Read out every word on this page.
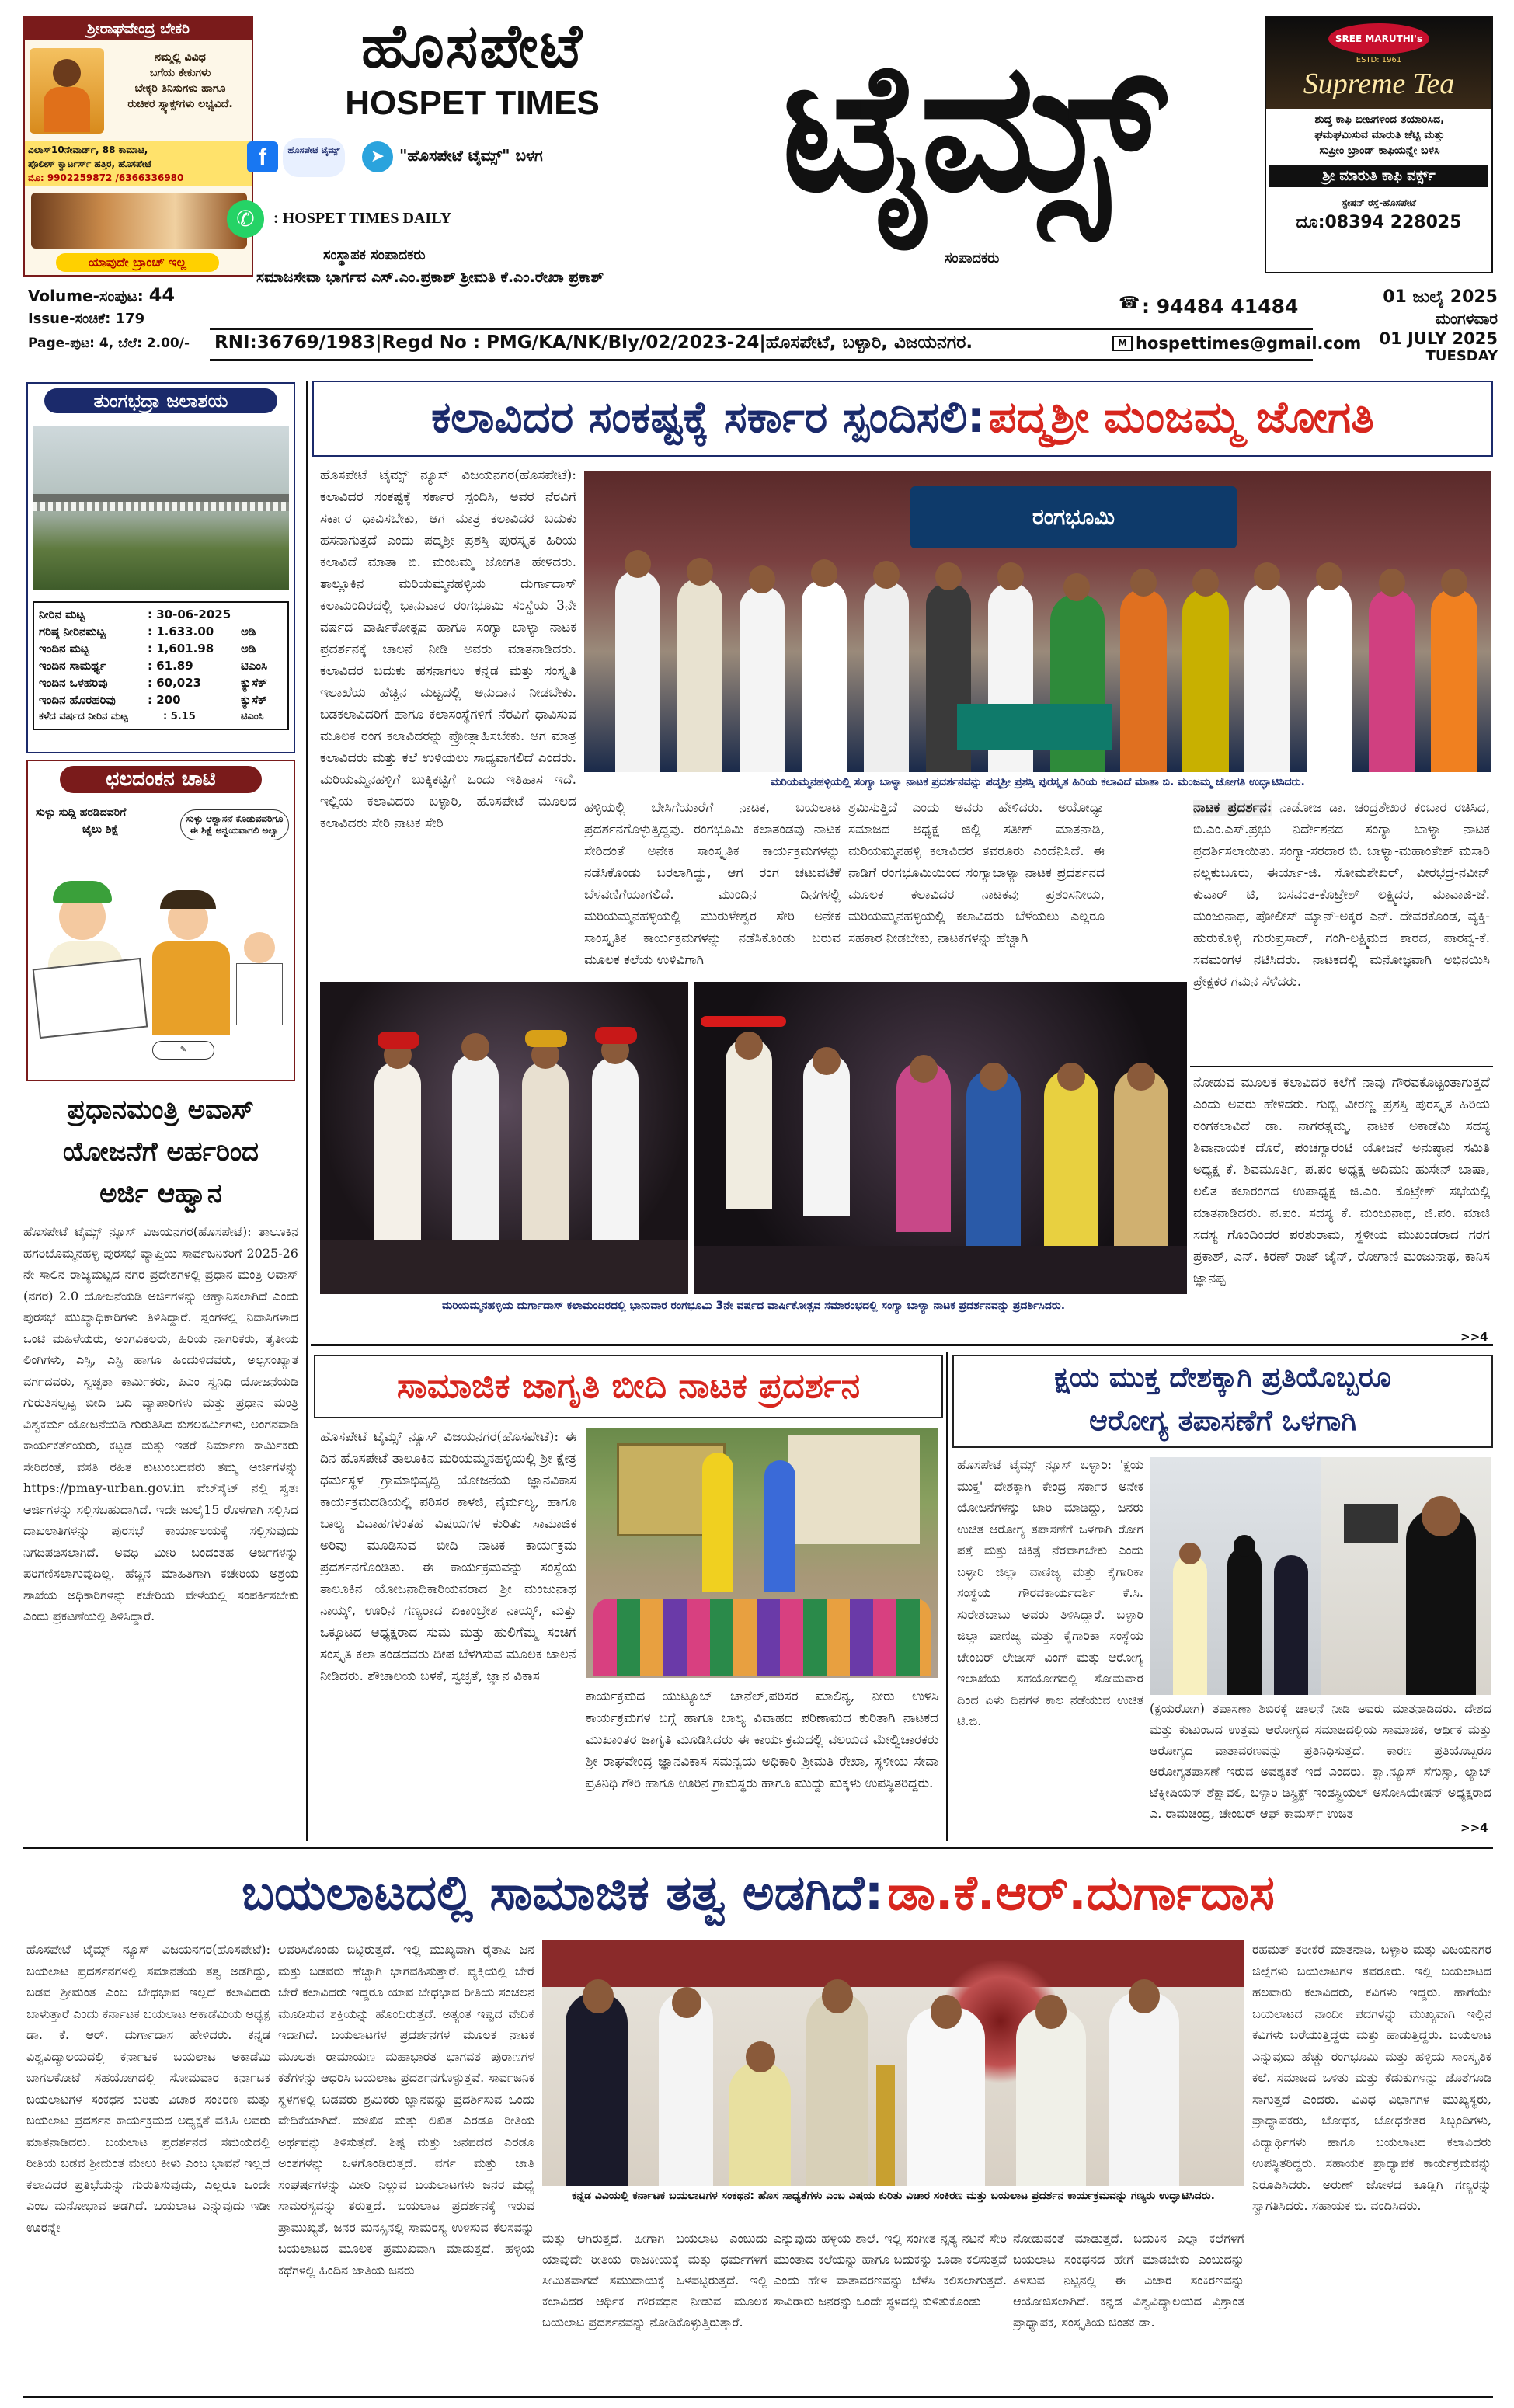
ಶ್ರೀರಾಘವೇಂದ್ರ ಬೇಕರಿ
ನಮ್ಮಲ್ಲಿ ವಿವಿಧ
ಬಗೆಯ ಕೇಕುಗಳು
ಬೇಕ್ಕರಿ ತಿನಿಸುಗಳು ಹಾಗೂ
ರುಚಿಕರ ಸ್ನ್ಯಾಕ್ಸ್‌ಗಳು ಲಭ್ಯವಿದೆ.
ವಿಲಾಸ್10ನೇವಾರ್ಡ್, 88 ಕಾಮಾಟಿ,
ಪೊಲೀಸ್ ಕ್ವಾರ್ಟರ್ಸ್ ಹತ್ತಿರ, ಹೊಸಪೇಟೆ
ಮೊ: 9902259872 /6366336980
ಯಾವುದೇ ಬ್ರಾಂಚ್ ಇಲ್ಲ
ಹೊಸಪೇಟೆ
HOSPET TIMES
f	ಹೊಸಪೇಟೆ ಟೈಮ್ಸ್	➤ "ಹೊಸಪೇಟೆ ಟೈಮ್ಸ್" ಬಳಗ
✆	: HOSPET TIMES DAILY	ಟೈಮ್ಸ್
ಸಂಸ್ಥಾಪಕ ಸಂಪಾದಕರು	ಸಂಪಾದಕರು
ಸಮಾಜಸೇವಾ ಭಾರ್ಗವ ಎಸ್.ಎಂ.ಪ್ರಕಾಶ್ ಶ್ರೀಮತಿ ಕೆ.ಎಂ.ರೇಖಾ ಪ್ರಕಾಶ್
SREE MARUTHI's
ESTD: 1961
Supreme Tea
ಶುದ್ಧ ಕಾಫಿ ಬೀಜಗಳಿಂದ ತಯಾರಿಸಿದ,
ಘಮಘಮಿಸುವ ಮಾರುತಿ ಚೆಟ್ಟಿ ಮತ್ತು
ಸುಪ್ರೀಂ ಬ್ರಾಂಡ್ ಕಾಫಿಯನ್ನೇ ಬಳಸಿ
ಶ್ರೀ ಮಾರುತಿ ಕಾಫಿ ವರ್ಕ್ಸ್
ಸ್ಟೇಷನ್ ರಸ್ತೆ-ಹೊಸಪೇಟೆ
ದೂ:08394 228025
Volume-ಸಂಪುಟ: 44
Issue-ಸಂಚಿಕೆ: 179
Page-ಪುಟ: 4, ಬೆಲೆ: 2.00/-
☎ : 94484 41484
RNI:36769/1983|Regd No : PMG/KA/NK/Bly/02/2023-24|ಹೊಸಪೇಟೆ, ಬಳ್ಳಾರಿ, ವಿಜಯನಗರ.	M hospettimes@gmail.com
01 ಜುಲೈ 2025
ಮಂಗಳವಾರ
01 JULY 2025
TUESDAY
ತುಂಗಭದ್ರಾ ಜಲಾಶಯ
ನೀರಿನ ಮಟ್ಟ	: 30-06-2025
ಗರಿಷ್ಠ ನೀರಿನಮಟ್ಟ	: 1.633.00	ಅಡಿ
ಇಂದಿನ ಮಟ್ಟ	: 1,601.98	ಅಡಿ
ಇಂದಿನ ಸಾಮರ್ಥ್ಯ	: 61.89	ಟಿಎಂಸಿ
ಇಂದಿನ ಒಳಹರಿವು	: 60,023	ಕ್ಯುಸೆಕ್
ಇಂದಿನ ಹೊರಹರಿವು	: 200	ಕ್ಯುಸೆಕ್
ಕಳೆದ ವರ್ಷದ ನೀರಿನ ಮಟ್ಟ	: 5.15	ಟಿಎಂಸಿ
ಛಲದಂಕನ ಚಾಟಿ
ಸುಳ್ಳು ಸುದ್ದಿ ಹರಡಿದವರಿಗೆ
ಜೈಲು ಶಿಕ್ಷೆ
ಸುಳ್ಳು ಆಶ್ವಾಸನೆ ಕೊಡುವವರಿಗೂ ಈ ಶಿಕ್ಷೆ ಅನ್ವಯವಾಗಲಿ ಅಲ್ವಾ
✎
ಪ್ರಧಾನಮಂತ್ರಿ ಅವಾಸ್
ಯೋಜನೆಗೆ ಅರ್ಹರಿಂದ
ಅರ್ಜಿ ಆಹ್ವಾನ
ಹೊಸಪೇಟೆ ಟೈಮ್ಸ್ ನ್ಯೂಸ್ ವಿಜಯನಗರ(ಹೊಸಪೇಟೆ): ತಾಲೂಕಿನ ಹಗರಿಬೊಮ್ಮನಹಳ್ಳಿ ಪುರಸಭೆ ವ್ಯಾಪ್ತಿಯ ಸಾರ್ವಜನಿಕರಿಗೆ 2025-26 ನೇ ಸಾಲಿನ ರಾಜ್ಯಮಟ್ಟದ ನಗರ ಪ್ರದೇಶಗಳಲ್ಲಿ ಪ್ರಧಾನ ಮಂತ್ರಿ ಅವಾಸ್ (ನಗರ) 2.0 ಯೋಜನೆಯಡಿ ಅರ್ಜಿಗಳನ್ನು ಆಹ್ವಾನಿಸಲಾಗಿದೆ ಎಂದು ಪುರಸಭೆ ಮುಖ್ಯಾಧಿಕಾರಿಗಳು ತಿಳಿಸಿದ್ದಾರೆ. ಸ್ಲಂಗಳಲ್ಲಿ ನಿವಾಸಿಗಳಾದ ಒಂಟಿ ಮಹಿಳೆಯರು, ಅಂಗವಿಕಲರು, ಹಿರಿಯ ನಾಗರಿಕರು, ತೃತೀಯ ಲಿಂಗಿಗಳು, ಎಸ್ಸಿ, ಎಸ್ಟಿ ಹಾಗೂ ಹಿಂದುಳಿದವರು, ಅಲ್ಪಸಂಖ್ಯಾತ ವರ್ಗದವರು, ಸ್ವಚ್ಛತಾ ಕಾರ್ಮಿಕರು, ಪಿಎಂ ಸ್ವನಿಧಿ ಯೋಜನೆಯಡಿ ಗುರುತಿಸಲ್ಪಟ್ಟ ಬೀದಿ ಬದಿ ವ್ಯಾಪಾರಿಗಳು ಮತ್ತು ಪ್ರಧಾನ ಮಂತ್ರಿ ವಿಶ್ವಕರ್ಮ ಯೋಜನೆಯಡಿ ಗುರುತಿಸಿದ ಕುಶಲಕರ್ಮಿಗಳು, ಅಂಗನವಾಡಿ ಕಾರ್ಯಕರ್ತೆಯರು, ಕಟ್ಟಡ ಮತ್ತು ಇತರೆ ನಿರ್ಮಾಣ ಕಾರ್ಮಿಕರು ಸೇರಿದಂತೆ, ವಸತಿ ರಹಿತ ಕುಟುಂಬದವರು ತಮ್ಮ ಅರ್ಜಿಗಳನ್ನು https://pmay-urban.gov.in ವೆಬ್‌ಸೈಟ್ ನಲ್ಲಿ ಸ್ವತಃ ಅರ್ಜಿಗಳನ್ನು ಸಲ್ಲಿಸಬಹುದಾಗಿದೆ. ಇದೇ ಜುಲೈ15 ರೊಳಗಾಗಿ ಸಲ್ಲಿಸಿದ ದಾಖಲಾತಿಗಳನ್ನು ಪುರಸಭೆ ಕಾರ್ಯಾಲಯಕ್ಕೆ ಸಲ್ಲಿಸುವುದು ನಿಗದಿಪಡಿಸಲಾಗಿದೆ. ಅವಧಿ ಮೀರಿ ಬಂದಂತಹ ಅರ್ಜಿಗಳನ್ನು ಪರಿಗಣಿಸಲಾಗುವುದಿಲ್ಲ. ಹೆಚ್ಚಿನ ಮಾಹಿತಿಗಾಗಿ ಕಚೇರಿಯ ಅಶ್ರಯ ಶಾಖೆಯ ಅಧಿಕಾರಿಗಳನ್ನು ಕಚೇರಿಯ ವೇಳೆಯಲ್ಲಿ ಸಂಪರ್ಕಿಸಬೇಕು ಎಂದು ಪ್ರಕಟಣೆಯಲ್ಲಿ ತಿಳಿಸಿದ್ದಾರೆ.
ಕಲಾವಿದರ ಸಂಕಷ್ಟಕ್ಕೆ ಸರ್ಕಾರ ಸ್ಪಂದಿಸಲಿ: ಪದ್ಮಶ್ರೀ ಮಂಜಮ್ಮ ಜೋಗತಿ
ಹೊಸಪೇಟೆ ಟೈಮ್ಸ್ ನ್ಯೂಸ್ ವಿಜಯನಗರ(ಹೊಸಪೇಟೆ): ಕಲಾವಿದರ ಸಂಕಷ್ಟಕ್ಕೆ ಸರ್ಕಾರ ಸ್ಪಂದಿಸಿ, ಅವರ ನೆರವಿಗೆ ಸರ್ಕಾರ ಧಾವಿಸಬೇಕು, ಆಗ ಮಾತ್ರ ಕಲಾವಿದರ ಬದುಕು ಹಸನಾಗುತ್ತದೆ ಎಂದು ಪದ್ಮಶ್ರೀ ಪ್ರಶಸ್ತಿ ಪುರಸ್ಕೃತ ಹಿರಿಯ ಕಲಾವಿದೆ ಮಾತಾ ಬಿ. ಮಂಜಮ್ಮ ಜೋಗತಿ ಹೇಳಿದರು. ತಾಲ್ಲೂಕಿನ ಮರಿಯಮ್ಮನಹಳ್ಳಿಯ ದುರ್ಗಾದಾಸ್ ಕಲಾಮಂದಿರದಲ್ಲಿ ಭಾನುವಾರ ರಂಗಭೂಮಿ ಸಂಸ್ಥೆಯ 3ನೇ ವರ್ಷದ ವಾರ್ಷಿಕೋತ್ಸವ ಹಾಗೂ ಸಂಗ್ಯಾ ಬಾಳ್ಯಾ ನಾಟಕ ಪ್ರದರ್ಶನಕ್ಕೆ ಚಾಲನೆ ನೀಡಿ ಅವರು ಮಾತನಾಡಿದರು. ಕಲಾವಿದರ ಬದುಕು ಹಸನಾಗಲು ಕನ್ನಡ ಮತ್ತು ಸಂಸ್ಕೃತಿ ಇಲಾಖೆಯ ಹೆಚ್ಚಿನ ಮಟ್ಟದಲ್ಲಿ ಅನುದಾನ ನೀಡಬೇಕು. ಬಡಕಲಾವಿದರಿಗೆ ಹಾಗೂ ಕಲಾಸಂಸ್ಥೆಗಳಿಗೆ ನೆರವಿಗೆ ಧಾವಿಸುವ ಮೂಲಕ ರಂಗ ಕಲಾವಿದರನ್ನು ಪ್ರೋತ್ಸಾಹಿಸಬೇಕು. ಆಗ ಮಾತ್ರ ಕಲಾವಿದರು ಮತ್ತು ಕಲೆ ಉಳಿಯಲು ಸಾಧ್ಯವಾಗಲಿದೆ ಎಂದರು. ಮರಿಯಮ್ಮನಹಳ್ಳಿಗೆ ಬುಕ್ಕಿಕಟ್ಟಿಗೆ ಒಂದು ಇತಿಹಾಸ ಇದೆ. ಇಲ್ಲಿಯ ಕಲಾವಿದರು ಬಳ್ಳಾರಿ, ಹೊಸಪೇಟೆ ಮೂಲದ ಕಲಾವಿದರು ಸೇರಿ ನಾಟಕ ಸೇರಿ
ರಂಗಭೂಮಿ
ಮರಿಯಮ್ಮನಹಳ್ಳಿಯಲ್ಲಿ ಸಂಗ್ಯಾ ಬಾಳ್ಯಾ ನಾಟಕ ಪ್ರದರ್ಶನವನ್ನು ಪದ್ಮಶ್ರೀ ಪ್ರಶಸ್ತಿ ಪುರಸ್ಕೃತ ಹಿರಿಯ ಕಲಾವಿದೆ ಮಾತಾ ಬಿ. ಮಂಜಮ್ಮ ಜೋಗತಿ ಉದ್ಘಾಟಿಸಿದರು.
ಹಳ್ಳಿಯಲ್ಲಿ ಬೇಸಿಗೆಯಾರೆಗೆ ನಾಟಕ, ಬಯಲಾಟ ಪ್ರದರ್ಶನಗೊಳ್ಳುತ್ತಿದ್ದವು. ರಂಗಭೂಮಿ ಕಲಾತಂಡವು ನಾಟಕ ಸೇರಿದಂತೆ ಅನೇಕ ಸಾಂಸ್ಕೃತಿಕ ಕಾರ್ಯಕ್ರಮಗಳನ್ನು ನಡೆಸಿಕೊಂಡು ಬರಲಾಗಿದ್ದು, ಆಗ ರಂಗ ಚಟುವಟಿಕೆ ಬೆಳವಣಿಗೆಯಾಗಲಿದೆ. ಮುಂದಿನ ದಿನಗಳಲ್ಲಿ ಮರಿಯಮ್ಮನಹಳ್ಳಿಯಲ್ಲಿ ಮುರುಳೇಶ್ವರ ಸೇರಿ ಅನೇಕ ಸಾಂಸ್ಕೃತಿಕ ಕಾರ್ಯಕ್ರಮಗಳನ್ನು ನಡೆಸಿಕೊಂಡು ಬರುವ ಮೂಲಕ ಕಲೆಯ ಉಳಿವಿಗಾಗಿ
ಶ್ರಮಿಸುತ್ತಿದೆ ಎಂದು ಅವರು ಹೇಳಿದರು. ಅಯೋಧ್ಯಾ ಸಮಾಜದ ಅಧ್ಯಕ್ಷ ಜಿಲ್ಲಿ ಸತೀಶ್ ಮಾತನಾಡಿ, ಮರಿಯಮ್ಮನಹಳ್ಳಿ ಕಲಾವಿದರ ತವರೂರು ಎಂದೆನಿಸಿದೆ. ಈ ನಾಡಿಗೆ ರಂಗಭೂಮಿಯಿಂದ ಸಂಗ್ಯಾಬಾಳ್ಯಾ ನಾಟಕ ಪ್ರದರ್ಶನದ ಮೂಲಕ ಕಲಾವಿದರ ನಾಟಕವು ಪ್ರಶಂಸನೀಯ, ಮರಿಯಮ್ಮನಹಳ್ಳಿಯಲ್ಲಿ ಕಲಾವಿದರು ಬೆಳೆಯಲು ಎಲ್ಲರೂ ಸಹಕಾರ ನೀಡಬೇಕು, ನಾಟಕಗಳನ್ನು ಹೆಚ್ಚಾಗಿ
ನಾಟಕ ಪ್ರದರ್ಶನ: ನಾಡೋಜ ಡಾ. ಚಂದ್ರಶೇಖರ ಕಂಬಾರ ರಚಿಸಿದ, ಬಿ.ಎಂ.ಎಸ್.ಪ್ರಭು ನಿರ್ದೇಶನದ ಸಂಗ್ಯಾ ಬಾಳ್ಯಾ ನಾಟಕ ಪ್ರದರ್ಶಿಸಲಾಯಿತು. ಸಂಗ್ಯಾ-ಸರದಾರ ಬಿ. ಬಾಳ್ಯಾ-ಮಹಾಂತೇಶ್ ಮಸಾರಿ ನಲ್ಲಕುಬೂರು, ಈರ್ಯಾ-ಜಿ. ಸೋಮಶೇಖರ್, ವೀರಭದ್ರ-ನವೀನ್ ಕುವಾರ್ ಟಿ, ಬಸವಂತ-ಕೊಟ್ರೇಶ್ ಲಕ್ಷ್ಮಿದರ, ಮಾವಾಜಿ-ಜೆ. ಮಂಜುನಾಥ, ಪೋಲೀಸ್ ಮ್ಯಾನ್-ಅಕ್ಕರ ಎನ್. ದೇವರಕೊಂಡ, ವ್ಯಕ್ತಿ-ಹುರುಕೊಳ್ಳಿ ಗುರುಪ್ರಸಾದ್, ಗಂಗಿ-ಲಕ್ಷ್ಮಿಮದ ಶಾರದ, ಪಾರವ್ವ-ಕೆ. ಸವಮಂಗಳ ನಟಿಸಿದರು. ನಾಟಕದಲ್ಲಿ ಮನೋಜ್ಞವಾಗಿ ಅಭಿನಯಿಸಿ ಪ್ರೇಕ್ಷಕರ ಗಮನ ಸೆಳೆದರು.
ನೋಡುವ ಮೂಲಕ ಕಲಾವಿದರ ಕಲೆಗೆ ನಾವು ಗೌರವಕೊಟ್ಟಂತಾಗುತ್ತದೆ ಎಂದು ಅವರು ಹೇಳಿದರು. ಗುಬ್ಬಿ ವೀರಣ್ಣ ಪ್ರಶಸ್ತಿ ಪುರಸ್ಕೃತ ಹಿರಿಯ ರಂಗಕಲಾವಿದೆ ಡಾ. ನಾಗರತ್ನಮ್ಮ, ನಾಟಕ ಅಕಾಡೆಮಿ ಸದಸ್ಯ ಶಿವಾನಾಯಕ ದೊರೆ, ಪಂಚಗ್ಯಾರಂಟಿ ಯೋಜನೆ ಅನುಷ್ಠಾನ ಸಮಿತಿ ಅಧ್ಯಕ್ಷ ಕೆ. ಶಿವಮೂರ್ತಿ, ಪ.ಪಂ ಅಧ್ಯಕ್ಷ ಅದಿಮನಿ ಹುಸೇನ್ ಬಾಷಾ, ಲಲಿತ ಕಲಾರಂಗದ ಉಪಾಧ್ಯಕ್ಷ ಜಿ.ಎಂ. ಕೊಟ್ರೇಶ್ ಸಭೆಯಲ್ಲಿ ಮಾತನಾಡಿದರು. ಪ.ಪಂ. ಸದಸ್ಯ ಕೆ. ಮಂಜುನಾಥ, ಜಿ.ಪಂ. ಮಾಜಿ ಸದಸ್ಯ ಗೊಂದಿಂದರ ಪರಶುರಾಮ, ಸ್ಥಳೀಯ ಮುಖಂಡರಾದ ಗರಗ ಪ್ರಕಾಶ್, ಎನ್. ಕಿರಣ್ ರಾಜ್ ಜೈನ್, ರೋಗಾಣಿ ಮಂಜುನಾಥ, ಕಾನಿಸ ಜ್ಞಾನಪ್ಪ
>>4
ಮರಿಯಮ್ಮನಹಳ್ಳಿಯ ದುರ್ಗಾದಾಸ್ ಕಲಾಮಂದಿರದಲ್ಲಿ ಭಾನುವಾರ ರಂಗಭೂಮಿ 3ನೇ ವರ್ಷದ ವಾರ್ಷಿಕೋತ್ಸವ ಸಮಾರಂಭದಲ್ಲಿ ಸಂಗ್ಯಾ ಬಾಳ್ಯಾ ನಾಟಕ ಪ್ರದರ್ಶನವನ್ನು ಪ್ರದರ್ಶಿಸಿದರು.
ಸಾಮಾಜಿಕ ಜಾಗೃತಿ ಬೀದಿ ನಾಟಕ ಪ್ರದರ್ಶನ
ಹೊಸಪೇಟೆ ಟೈಮ್ಸ್ ನ್ಯೂಸ್ ವಿಜಯನಗರ(ಹೊಸಪೇಟೆ): ಈ ದಿನ ಹೊಸಪೇಟೆ ತಾಲೂಕಿನ ಮರಿಯಮ್ಮನಹಳ್ಳಿಯಲ್ಲಿ ಶ್ರೀ ಕ್ಷೇತ್ರ ಧರ್ಮಸ್ಥಳ ಗ್ರಾಮಾಭಿವೃದ್ಧಿ ಯೋಜನೆಯ ಜ್ಞಾನವಿಕಾಸ ಕಾರ್ಯಕ್ರಮದಡಿಯಲ್ಲಿ ಪರಿಸರ ಕಾಳಜಿ, ನೈರ್ಮಲ್ಯ, ಹಾಗೂ ಬಾಲ್ಯ ವಿವಾಹಗಳಂತಹ ವಿಷಯಗಳ ಕುರಿತು ಸಾಮಾಜಿಕ ಅರಿವು ಮೂಡಿಸುವ ಬೀದಿ ನಾಟಕ ಕಾರ್ಯಕ್ರಮ ಪ್ರದರ್ಶನಗೊಂಡಿತು. ಈ ಕಾರ್ಯಕ್ರಮವನ್ನು ಸಂಸ್ಥೆಯ ತಾಲೂಕಿನ ಯೋಜನಾಧಿಕಾರಿಯವರಾದ ಶ್ರೀ ಮಂಜುನಾಥ ನಾಯ್ಕ್, ಊರಿನ ಗಣ್ಯರಾದ ಏಕಾಂಬ್ರೇಶ ನಾಯ್ಕ್, ಮತ್ತು ಒಕ್ಕೂಟದ ಅಧ್ಯಕ್ಷರಾದ ಸುಮ ಮತ್ತು ಹುಲಿಗೆಮ್ಮ ಸಂಚಿಗೆ ಸಂಸ್ಕೃತಿ ಕಲಾ ತಂಡದವರು ದೀಪ ಬೆಳಗಿಸುವ ಮೂಲಕ ಚಾಲನೆ ನೀಡಿದರು. ಶೌಚಾಲಯ ಬಳಕೆ, ಸ್ವಚ್ಛತೆ, ಜ್ಞಾನ ವಿಕಾಸ
ಕಾರ್ಯಕ್ರಮದ ಯುಟ್ಯೂಬ್ ಚಾನೆಲ್,ಪರಿಸರ ಮಾಲಿನ್ಯ, ನೀರು ಉಳಿಸಿ ಕಾರ್ಯಕ್ರಮಗಳ ಬಗ್ಗೆ ಹಾಗೂ ಬಾಲ್ಯ ವಿವಾಹದ ಪರಿಣಾಮದ ಕುರಿತಾಗಿ ನಾಟಕದ ಮುಖಾಂತರ ಜಾಗೃತಿ ಮೂಡಿಸಿದರು ಈ ಕಾರ್ಯಕ್ರಮದಲ್ಲಿ ವಲಯದ ಮೇಲ್ವಿಚಾರಕರು ಶ್ರೀ ರಾಘವೇಂದ್ರ ಜ್ಞಾನವಿಕಾಸ ಸಮನ್ವಯ ಅಧಿಕಾರಿ ಶ್ರೀಮತಿ ರೇಖಾ, ಸ್ಥಳೀಯ ಸೇವಾ ಪ್ರತಿನಿಧಿ ಗೌರಿ ಹಾಗೂ ಊರಿನ ಗ್ರಾಮಸ್ಥರು ಹಾಗೂ ಮುದ್ದು ಮಕ್ಕಳು ಉಪಸ್ಥಿತರಿದ್ದರು.
ಕ್ಷಯ ಮುಕ್ತ ದೇಶಕ್ಕಾಗಿ ಪ್ರತಿಯೊಬ್ಬರೂ
ಆರೋಗ್ಯ ತಪಾಸಣೆಗೆ ಒಳಗಾಗಿ
ಹೊಸಪೇಟೆ ಟೈಮ್ಸ್ ನ್ಯೂಸ್ ಬಳ್ಳಾರಿ: 'ಕ್ಷಯ ಮುಕ್ತ' ದೇಶಕ್ಕಾಗಿ ಕೇಂದ್ರ ಸರ್ಕಾರ ಅನೇಕ ಯೋಜನೆಗಳನ್ನು ಜಾರಿ ಮಾಡಿದ್ದು, ಜನರು ಉಚಿತ ಆರೋಗ್ಯ ತಪಾಸಣೆಗೆ ಒಳಗಾಗಿ ರೋಗ ಪತ್ತೆ ಮತ್ತು ಚಿಕಿತ್ಸೆ ನೆರವಾಗಬೇಕು ಎಂದು ಬಳ್ಳಾರಿ ಜಿಲ್ಲಾ ವಾಣಿಜ್ಯ ಮತ್ತು ಕೈಗಾರಿಕಾ ಸಂಸ್ಥೆಯ ಗೌರವಕಾರ್ಯದರ್ಶಿ ಕೆ.ಸಿ. ಸುರೇಶಬಾಬು ಅವರು ತಿಳಿಸಿದ್ದಾರೆ. ಬಳ್ಳಾರಿ ಜಿಲ್ಲಾ ವಾಣಿಜ್ಯ ಮತ್ತು ಕೈಗಾರಿಕಾ ಸಂಸ್ಥೆಯ ಚೇಂಬರ್ ಲೇಡೀಸ್ ವಿಂಗ್ ಮತ್ತು ಆರೋಗ್ಯ ಇಲಾಖೆಯ ಸಹಯೋಗದಲ್ಲಿ ಸೋಮವಾರ ದಿಂದ ಏಳು ದಿನಗಳ ಕಾಲ ನಡೆಯುವ ಉಚಿತ ಟಿ.ಬಿ.
(ಕ್ಷಯರೋಗ) ತಪಾಸಣಾ ಶಿಬಿರಕ್ಕೆ ಚಾಲನೆ ನೀಡಿ ಅವರು ಮಾತನಾಡಿದರು. ದೇಶದ ಮತ್ತು ಕುಟುಂಬದ ಉತ್ತಮ ಆರೋಗ್ಯದ ಸಮಾಜದಲ್ಲಿಯ ಸಾಮಾಜಿಕ, ಆರ್ಥಿಕ ಮತ್ತು ಆರೋಗ್ಯದ ವಾತಾವರಣವನ್ನು ಪ್ರತಿನಿಧಿಸುತ್ತದೆ. ಕಾರಣ ಪ್ರತಿಯೊಬ್ಬರೂ ಆರೋಗ್ಯತಪಾಸಣೆ ಇರುವ ಅವಶ್ಯಕತೆ ಇದೆ ಎಂದರು. ತ್ವಾ.ನ್ಯೂಸ್ ಸೆಗುಸ್ಸಾ, ಲ್ಯಾಬ್ ಟೆಕ್ನೀಷಿಯನ್ ಶೆಕ್ಷಾವಲಿ, ಬಳ್ಳಾರಿ ಡಿಸ್ಟ್ರಿಕ್ಟ್ ಇಂಡಸ್ಟ್ರಿಯಲ್ ಅಸೋಸಿಯೇಷನ್ ಅಧ್ಯಕ್ಷರಾದ ಎ. ರಾಮಚಂದ್ರ, ಚೇಂಬರ್ ಆಫ್ ಕಾಮರ್ಸ್ ಉಚಿತ
>>4
ಬಯಲಾಟದಲ್ಲಿ ಸಾಮಾಜಿಕ ತತ್ವ ಅಡಗಿದೆ: ಡಾ.ಕೆ.ಆರ್.ದುರ್ಗಾದಾಸ
ಹೊಸಪೇಟೆ ಟೈಮ್ಸ್ ನ್ಯೂಸ್ ವಿಜಯನಗರ(ಹೊಸಪೇಟೆ): ಬಯಲಾಟ ಪ್ರದರ್ಶನಗಳಲ್ಲಿ ಸಮಾನತೆಯ ತತ್ವ ಅಡಗಿದ್ದು, ಬಡವ ಶ್ರೀಮಂತ ಎಂಬ ಬೇಧಭಾವ ಇಲ್ಲದೆ ಕಲಾವಿದರು ಬಾಳುತ್ತಾರೆ ಎಂದು ಕರ್ನಾಟಕ ಬಯಲಾಟ ಅಕಾಡೆಮಿಯ ಅಧ್ಯಕ್ಷ ಡಾ. ಕೆ. ಆರ್. ದುರ್ಗಾದಾಸ ಹೇಳಿದರು. ಕನ್ನಡ ವಿಶ್ವವಿದ್ಯಾಲಯದಲ್ಲಿ ಕರ್ನಾಟಕ ಬಯಲಾಟ ಅಕಾಡೆಮಿ ಬಾಗಲಕೋಟೆ ಸಹಯೋಗದಲ್ಲಿ ಸೋಮವಾರ ಕರ್ನಾಟಕ ಬಯಲಾಟಗಳ ಸಂಕಥನ ಕುರಿತು ವಿಚಾರ ಸಂಕಿರಣ ಮತ್ತು ಬಯಲಾಟ ಪ್ರದರ್ಶನ ಕಾರ್ಯಕ್ರಮದ ಅಧ್ಯಕ್ಷತೆ ವಹಿಸಿ ಅವರು ಮಾತನಾಡಿದರು. ಬಯಲಾಟ ಪ್ರದರ್ಶನದ ಸಮಯದಲ್ಲಿ ರೀತಿಯ ಬಡವ ಶ್ರೀಮಂತ ಮೇಲು ಕೀಳು ಎಂಬ ಭಾವನೆ ಇಲ್ಲದೆ ಕಲಾವಿದರ ಪ್ರತಿಭೆಯನ್ನು ಗುರುತಿಸುವುದು, ಎಲ್ಲರೂ ಒಂದೇ ಎಂಬ ಮನೋಭಾವ ಅಡಗಿದೆ. ಬಯಲಾಟ ಎನ್ನುವುದು ಇಡೀ ಊರನ್ನೇ
ಅವರಿಸಿಕೊಂಡು ಬಿಟ್ಟಿರುತ್ತದೆ. ಇಲ್ಲಿ ಮುಖ್ಯವಾಗಿ ರೈತಾಪಿ ಜನ ಮತ್ತು ಬಡವರು ಹೆಚ್ಚಾಗಿ ಭಾಗವಹಿಸುತ್ತಾರೆ. ವ್ಯಕ್ತಿಯಲ್ಲಿ ಬೇರೆ ಬೇರೆ ಕಲಾವಿದರು ಇದ್ದರೂ ಯಾವ ಬೇಧಭಾವ ರೀತಿಯ ಸಂಚಲನ ಮೂಡಿಸುವ ಶಕ್ತಿಯನ್ನು ಹೊಂದಿರುತ್ತದೆ. ಅತ್ಯಂತ ಇಷ್ಟದ ವೇದಿಕೆ ಇದಾಗಿದೆ. ಬಯಲಾಟಗಳ ಪ್ರದರ್ಶನಗಳ ಮೂಲಕ ನಾಟಕ ಮೂಲತಃ ರಾಮಾಯಣ ಮಹಾಭಾರತ ಭಾಗವತ ಪುರಾಣಗಳ ಕತೆಗಳನ್ನು ಆಧರಿಸಿ ಬಯಲಾಟ ಪ್ರದರ್ಶನಗೊಳ್ಳುತ್ತವೆ. ಸಾರ್ವಜನಿಕ ಸ್ಥಳಗಳಲ್ಲಿ ಬಡವರು ಶ್ರಮಿಕರು ಜ್ಞಾನವನ್ನು ಪ್ರದರ್ಶಿಸುವ ಒಂದು ವೇದಿಕೆಯಾಗಿದೆ. ಮೌಖಿಕ ಮತ್ತು ಲಿಖಿತ ಎರಡೂ ರೀತಿಯ ಅರ್ಥವನ್ನು ತಿಳಿಸುತ್ತದೆ. ಶಿಷ್ಟ ಮತ್ತು ಜನಪದದ ಎರಡೂ ಅಂಶಗಳನ್ನು ಒಳಗೊಂಡಿರುತ್ತದೆ. ವರ್ಗ ಮತ್ತು ಜಾತಿ ಸಂಘರ್ಷಗಳನ್ನು ಮೀರಿ ನಿಲ್ಲುವ ಬಯಲಾಟಗಳು ಜನರ ಮಧ್ಯೆ ಸಾಮರಸ್ಯವನ್ನು ತರುತ್ತದೆ. ಬಯಲಾಟ ಪ್ರದರ್ಶನಕ್ಕೆ ಇರುವ ಪ್ರಾಮುಖ್ಯತೆ, ಜನರ ಮನಸ್ಸಿನಲ್ಲಿ ಸಾಮರಸ್ಯ ಉಳಿಸುವ ಕೆಲಸವನ್ನು ಬಯಲಾಟದ ಮೂಲಕ ಪ್ರಮುಖವಾಗಿ ಮಾಡುತ್ತದೆ. ಹಳ್ಳಿಯ ಕಥೆಗಳಲ್ಲಿ ಹಿಂದಿನ ಜಾತಿಯ ಜನರು
ಕನ್ನಡ ವಿವಿಯಲ್ಲಿ ಕರ್ನಾಟಕ ಬಯಲಾಟಗಳ ಸಂಕಥನ: ಹೊಸ ಸಾಧ್ಯತೆಗಳು ಎಂಬ ವಿಷಯ ಕುರಿತು ವಿಚಾರ ಸಂಕಿರಣ ಮತ್ತು ಬಯಲಾಟ ಪ್ರದರ್ಶನ ಕಾರ್ಯಕ್ರಮವನ್ನು ಗಣ್ಯರು ಉದ್ಘಾಟಿಸಿದರು.
ಮತ್ತು ಆಗಿರುತ್ತದೆ. ಹೀಗಾಗಿ ಬಯಲಾಟ ಎಂಬುದು ಯಾವುದೇ ರೀತಿಯ ರಾಜಕೀಯಕ್ಕೆ ಮತ್ತು ಧರ್ಮಗಳಿಗೆ ಸೀಮಿತವಾಗದೆ ಸಮುದಾಯಕ್ಕೆ ಒಳಪಟ್ಟಿರುತ್ತದೆ. ಇಲ್ಲಿ ಕಲಾವಿದರ ಆರ್ಥಿಕ ಗೌರವಧನ ನೀಡುವ ಮೂಲಕ ಬಯಲಾಟ ಪ್ರದರ್ಶನವನ್ನು ನೋಡಿಕೊಳ್ಳುತ್ತಿರುತ್ತಾರೆ.
ಎನ್ನುವುದು ಹಳ್ಳಿಯ ಶಾಲೆ. ಇಲ್ಲಿ ಸಂಗೀತ ನೃತ್ಯ ನಟನೆ ಸೇರಿ ಮುಂತಾದ ಕಲೆಯನ್ನು ಹಾಗೂ ಬದುಕನ್ನು ಕೂಡಾ ಕಲಿಸುತ್ತವೆ ಎಂದು ಹೇಳಿ ವಾತಾವರಣವನ್ನು ಬೆಳೆಸಿ ಕಲಿಸಲಾಗುತ್ತದೆ. ಸಾವಿರಾರು ಜನರನ್ನು ಒಂದೇ ಸ್ಥಳದಲ್ಲಿ ಕುಳಿತುಕೊಂಡು
ನೋಡುವಂತೆ ಮಾಡುತ್ತದೆ. ಬದುಕಿನ ಎಲ್ಲಾ ಕಲೆಗಳಿಗೆ ಬಯಲಾಟ ಸಂಕಥನದ ಹೇಗೆ ಮಾಡಬೇಕು ಎಂಬುದನ್ನು ತಿಳಿಸುವ ನಿಟ್ಟಿನಲ್ಲಿ ಈ ವಿಚಾರ ಸಂಕಿರಣವನ್ನು ಆಯೋಜಿಸಲಾಗಿದೆ. ಕನ್ನಡ ವಿಶ್ವವಿದ್ಯಾಲಯದ ವಿಶ್ರಾಂತ ಪ್ರಾಧ್ಯಾಪಕ, ಸಂಸ್ಕೃತಿಯ ಚಿಂತಕ ಡಾ.
ರಹಮತ್ ತರೀಕೆರೆ ಮಾತನಾಡಿ, ಬಳ್ಳಾರಿ ಮತ್ತು ವಿಜಯನಗರ ಜಿಲ್ಲೆಗಳು ಬಯಲಾಟಗಳ ತವರೂರು. ಇಲ್ಲಿ ಬಯಲಾಟದ ಹಲವಾರು ಕಲಾವಿದರು, ಕವಿಗಳು ಇದ್ದರು. ಹಾಗೆಯೇ ಬಯಲಾಟದ ನಾಂದೀ ಪದಗಳನ್ನು ಮುಖ್ಯವಾಗಿ ಇಲ್ಲಿನ ಕವಿಗಳು ಬರೆಯುತ್ತಿದ್ದರು ಮತ್ತು ಹಾಡುತ್ತಿದ್ದರು. ಬಯಲಾಟ ಎನ್ನುವುದು ಹೆಚ್ಚು ರಂಗಭೂಮಿ ಮತ್ತು ಹಳ್ಳಿಯ ಸಾಂಸ್ಕೃತಿಕ ಕಲೆ. ಸಮಾಜದ ಒಳಿತು ಮತ್ತು ಕೆಡುಕುಗಳನ್ನು ಜೊತೆಗೂಡಿ ಸಾಗುತ್ತದೆ ಎಂದರು. ವಿವಿಧ ವಿಭಾಗಗಳ ಮುಖ್ಯಸ್ಥರು, ಪ್ರಾಧ್ಯಾಪಕರು, ಬೋಧಕ, ಬೋಧಕೇತರ ಸಿಬ್ಬಂದಿಗಳು, ವಿದ್ಯಾರ್ಥಿಗಳು ಹಾಗೂ ಬಯಲಾಟದ ಕಲಾವಿದರು ಉಪಸ್ಥಿತರಿದ್ದರು. ಸಹಾಯಕ ಪ್ರಾಧ್ಯಾಪಕ ಕಾರ್ಯಕ್ರಮವನ್ನು ನಿರೂಪಿಸಿದರು. ಅರುಣ್ ಜೋಳದ ಕೂಡ್ಲಿಗಿ ಗಣ್ಯರನ್ನು ಸ್ವಾಗತಿಸಿದರು. ಸಹಾಯಕ ಬಿ. ವಂದಿಸಿದರು.
